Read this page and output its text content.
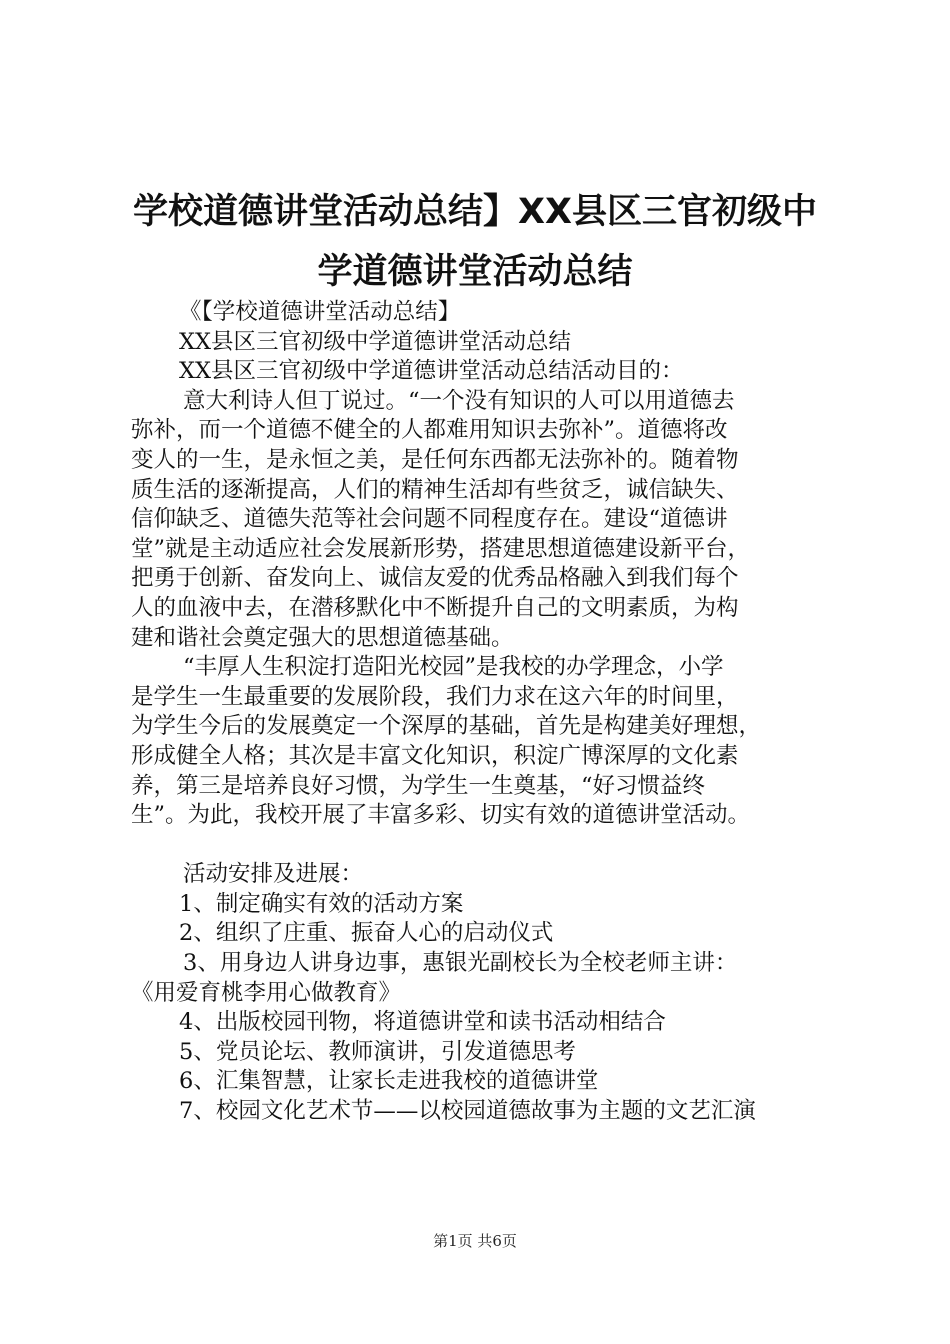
学校道德讲堂活动总结】XX县区三官初级中
学道德讲堂活动总结
《【学校道德讲堂活动总结】
XX县区三官初级中学道德讲堂活动总结
XX县区三官初级中学道德讲堂活动总结活动目的：
意大利诗人但丁说过。“一个没有知识的人可以用道德去
弥补，而一个道德不健全的人都难用知识去弥补”。道德将改
变人的一生，是永恒之美，是任何东西都无法弥补的。随着物
质生活的逐渐提高，人们的精神生活却有些贫乏，诚信缺失、
信仰缺乏、道德失范等社会问题不同程度存在。建设“道德讲
堂”就是主动适应社会发展新形势，搭建思想道德建设新平台，
把勇于创新、奋发向上、诚信友爱的优秀品格融入到我们每个
人的血液中去，在潜移默化中不断提升自己的文明素质，为构
建和谐社会奠定强大的思想道德基础。
“丰厚人生积淀打造阳光校园”是我校的办学理念，小学
是学生一生最重要的发展阶段，我们力求在这六年的时间里，
为学生今后的发展奠定一个深厚的基础，首先是构建美好理想，
形成健全人格；其次是丰富文化知识，积淀广博深厚的文化素
养，第三是培养良好习惯，为学生一生奠基，“好习惯益终
生”。为此，我校开展了丰富多彩、切实有效的道德讲堂活动。
活动安排及进展：
1、制定确实有效的活动方案
2、组织了庄重、振奋人心的启动仪式
3、用身边人讲身边事，惠银光副校长为全校老师主讲：
《用爱育桃李用心做教育》
4、出版校园刊物，将道德讲堂和读书活动相结合
5、党员论坛、教师演讲，引发道德思考
6、汇集智慧，让家长走进我校的道德讲堂
7、校园文化艺术节——以校园道德故事为主题的文艺汇演
第1页 共6页
